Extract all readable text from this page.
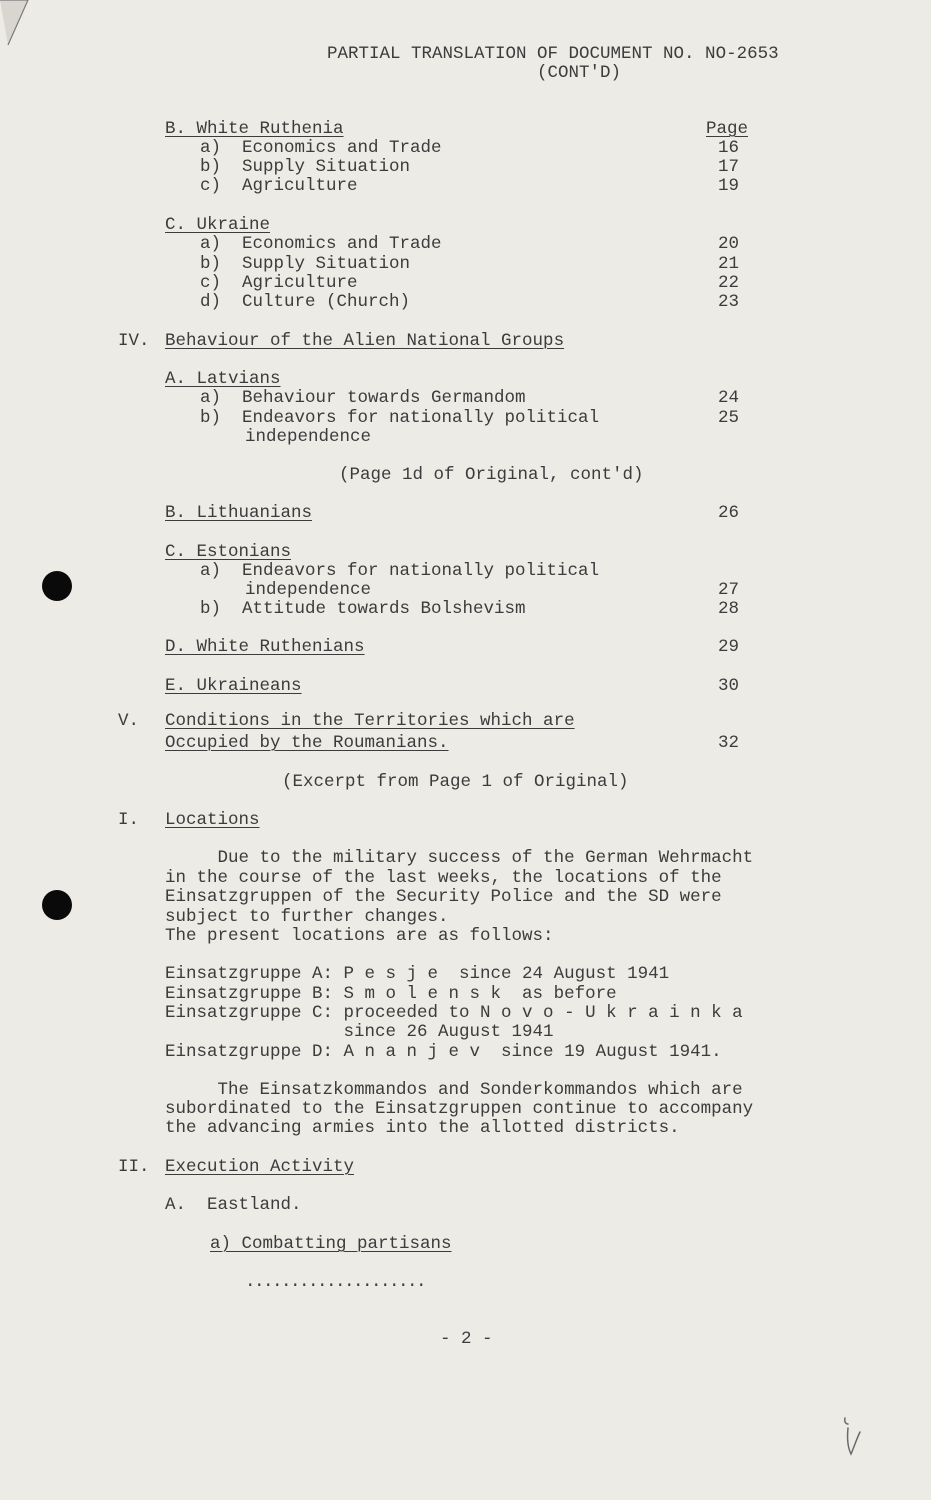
PARTIAL TRANSLATION OF DOCUMENT NO. NO-2653
(CONT'D)
B. White Ruthenia	Page
a)  Economics and Trade	16
b)  Supply Situation	17
c)  Agriculture	19
C. Ukraine
a)  Economics and Trade	20
b)  Supply Situation	21
c)  Agriculture	22
d)  Culture (Church)	23
IV. Behaviour of the Alien National Groups
A. Latvians
a)  Behaviour towards Germandom	24
b)  Endeavors for nationally political	25
independence
(Page 1d of Original, cont'd)
B. Lithuanians	26
C. Estonians
a)  Endeavors for nationally political
independence	27
b)  Attitude towards Bolshevism	28
D. White Ruthenians	29
E. Ukraineans	30
V. Conditions in the Territories which are
Occupied by the Roumanians.	32
(Excerpt from Page 1 of Original)
I. Locations
Due to the military success of the German Wehrmacht
in the course of the last weeks, the locations of the
Einsatzgruppen of the Security Police and the SD were
subject to further changes.
The present locations are as follows:
Einsatzgruppe A: P e s j e  since 24 August 1941
Einsatzgruppe B: S m o l e n s k  as before
Einsatzgruppe C: proceeded to N o v o - U k r a i n k a
since 26 August 1941
Einsatzgruppe D: A n a n j e v  since 19 August 1941.
The Einsatzkommandos and Sonderkommandos which are
subordinated to the Einsatzgruppen continue to accompany
the advancing armies into the allotted districts.
II. Execution Activity
A.  Eastland.
a) Combatting partisans
....................
- 2 -
